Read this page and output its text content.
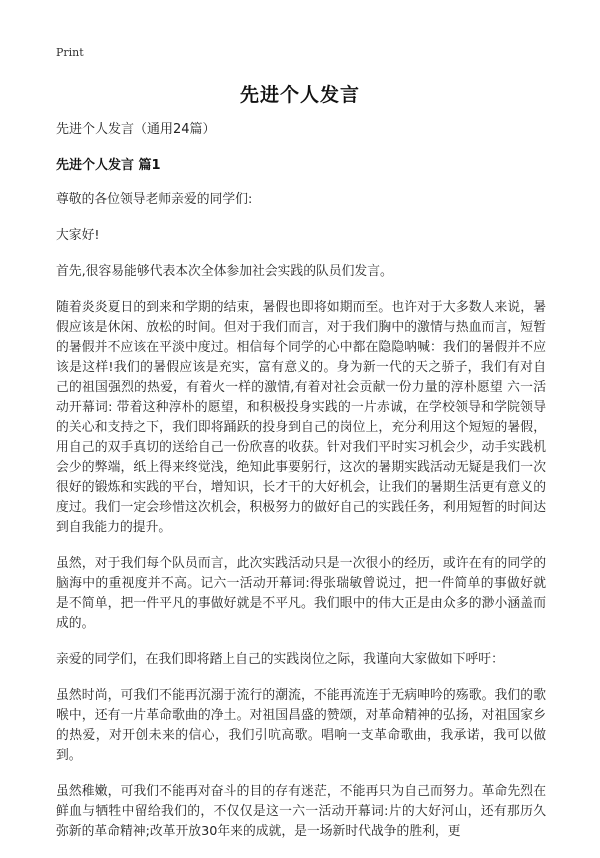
Print
先进个人发言

先进个人发言（通用24篇）

先进个人发言 篇1

尊敬的各位领导老师亲爱的同学们:

大家好!

首先,很容易能够代表本次全体参加社会实践的队员们发言。

随着炎炎夏日的到来和学期的结束，暑假也即将如期而至。也许对于大多数人来说，暑假应该是休闲、放松的时间。但对于我们而言，对于我们胸中的激情与热血而言，短暂的暑假并不应该在平淡中度过。相信每个同学的心中都在隐隐呐喊：我们的暑假并不应该是这样!我们的暑假应该是充实，富有意义的。身为新一代的天之骄子，我们有对自己的祖国强烈的热爱，有着火一样的激情,有着对社会贡献一份力量的淳朴愿望 六一活动开幕词: 带着这种淳朴的愿望，和积极投身实践的一片赤诚，在学校领导和学院领导的关心和支持之下，我们即将踊跃的投身到自己的岗位上，充分利用这个短短的暑假，用自己的双手真切的送给自己一份欣喜的收获。针对我们平时实习机会少，动手实践机会少的弊端，纸上得来终觉浅，绝知此事要躬行，这次的暑期实践活动无疑是我们一次很好的锻炼和实践的平台，增知识，长才干的大好机会，让我们的暑期生活更有意义的度过。我们一定会珍惜这次机会，积极努力的做好自己的实践任务，利用短暂的时间达到自我能力的提升。

虽然，对于我们每个队员而言，此次实践活动只是一次很小的经历，或许在有的同学的脑海中的重视度并不高。记六一活动开幕词:得张瑞敏曾说过，把一件简单的事做好就是不简单，把一件平凡的事做好就是不平凡。我们眼中的伟大正是由众多的渺小涵盖而成的。

亲爱的同学们，在我们即将踏上自己的实践岗位之际，我谨向大家做如下呼吁：

虽然时尚，可我们不能再沉溺于流行的潮流，不能再流连于无病呻吟的殇歌。我们的歌喉中，还有一片革命歌曲的净土。对祖国昌盛的赞颂，对革命精神的弘扬，对祖国家乡的热爱，对开创未来的信心，我们引吭高歌。唱响一支革命歌曲，我承诺，我可以做到。

虽然稚嫩，可我们不能再对奋斗的目的存有迷茫，不能再只为自己而努力。革命先烈在鲜血与牺牲中留给我们的，不仅仅是这一六一活动开幕词:片的大好河山，还有那历久弥新的革命精神;改革开放30年来的成就，是一场新时代战争的胜利，更
